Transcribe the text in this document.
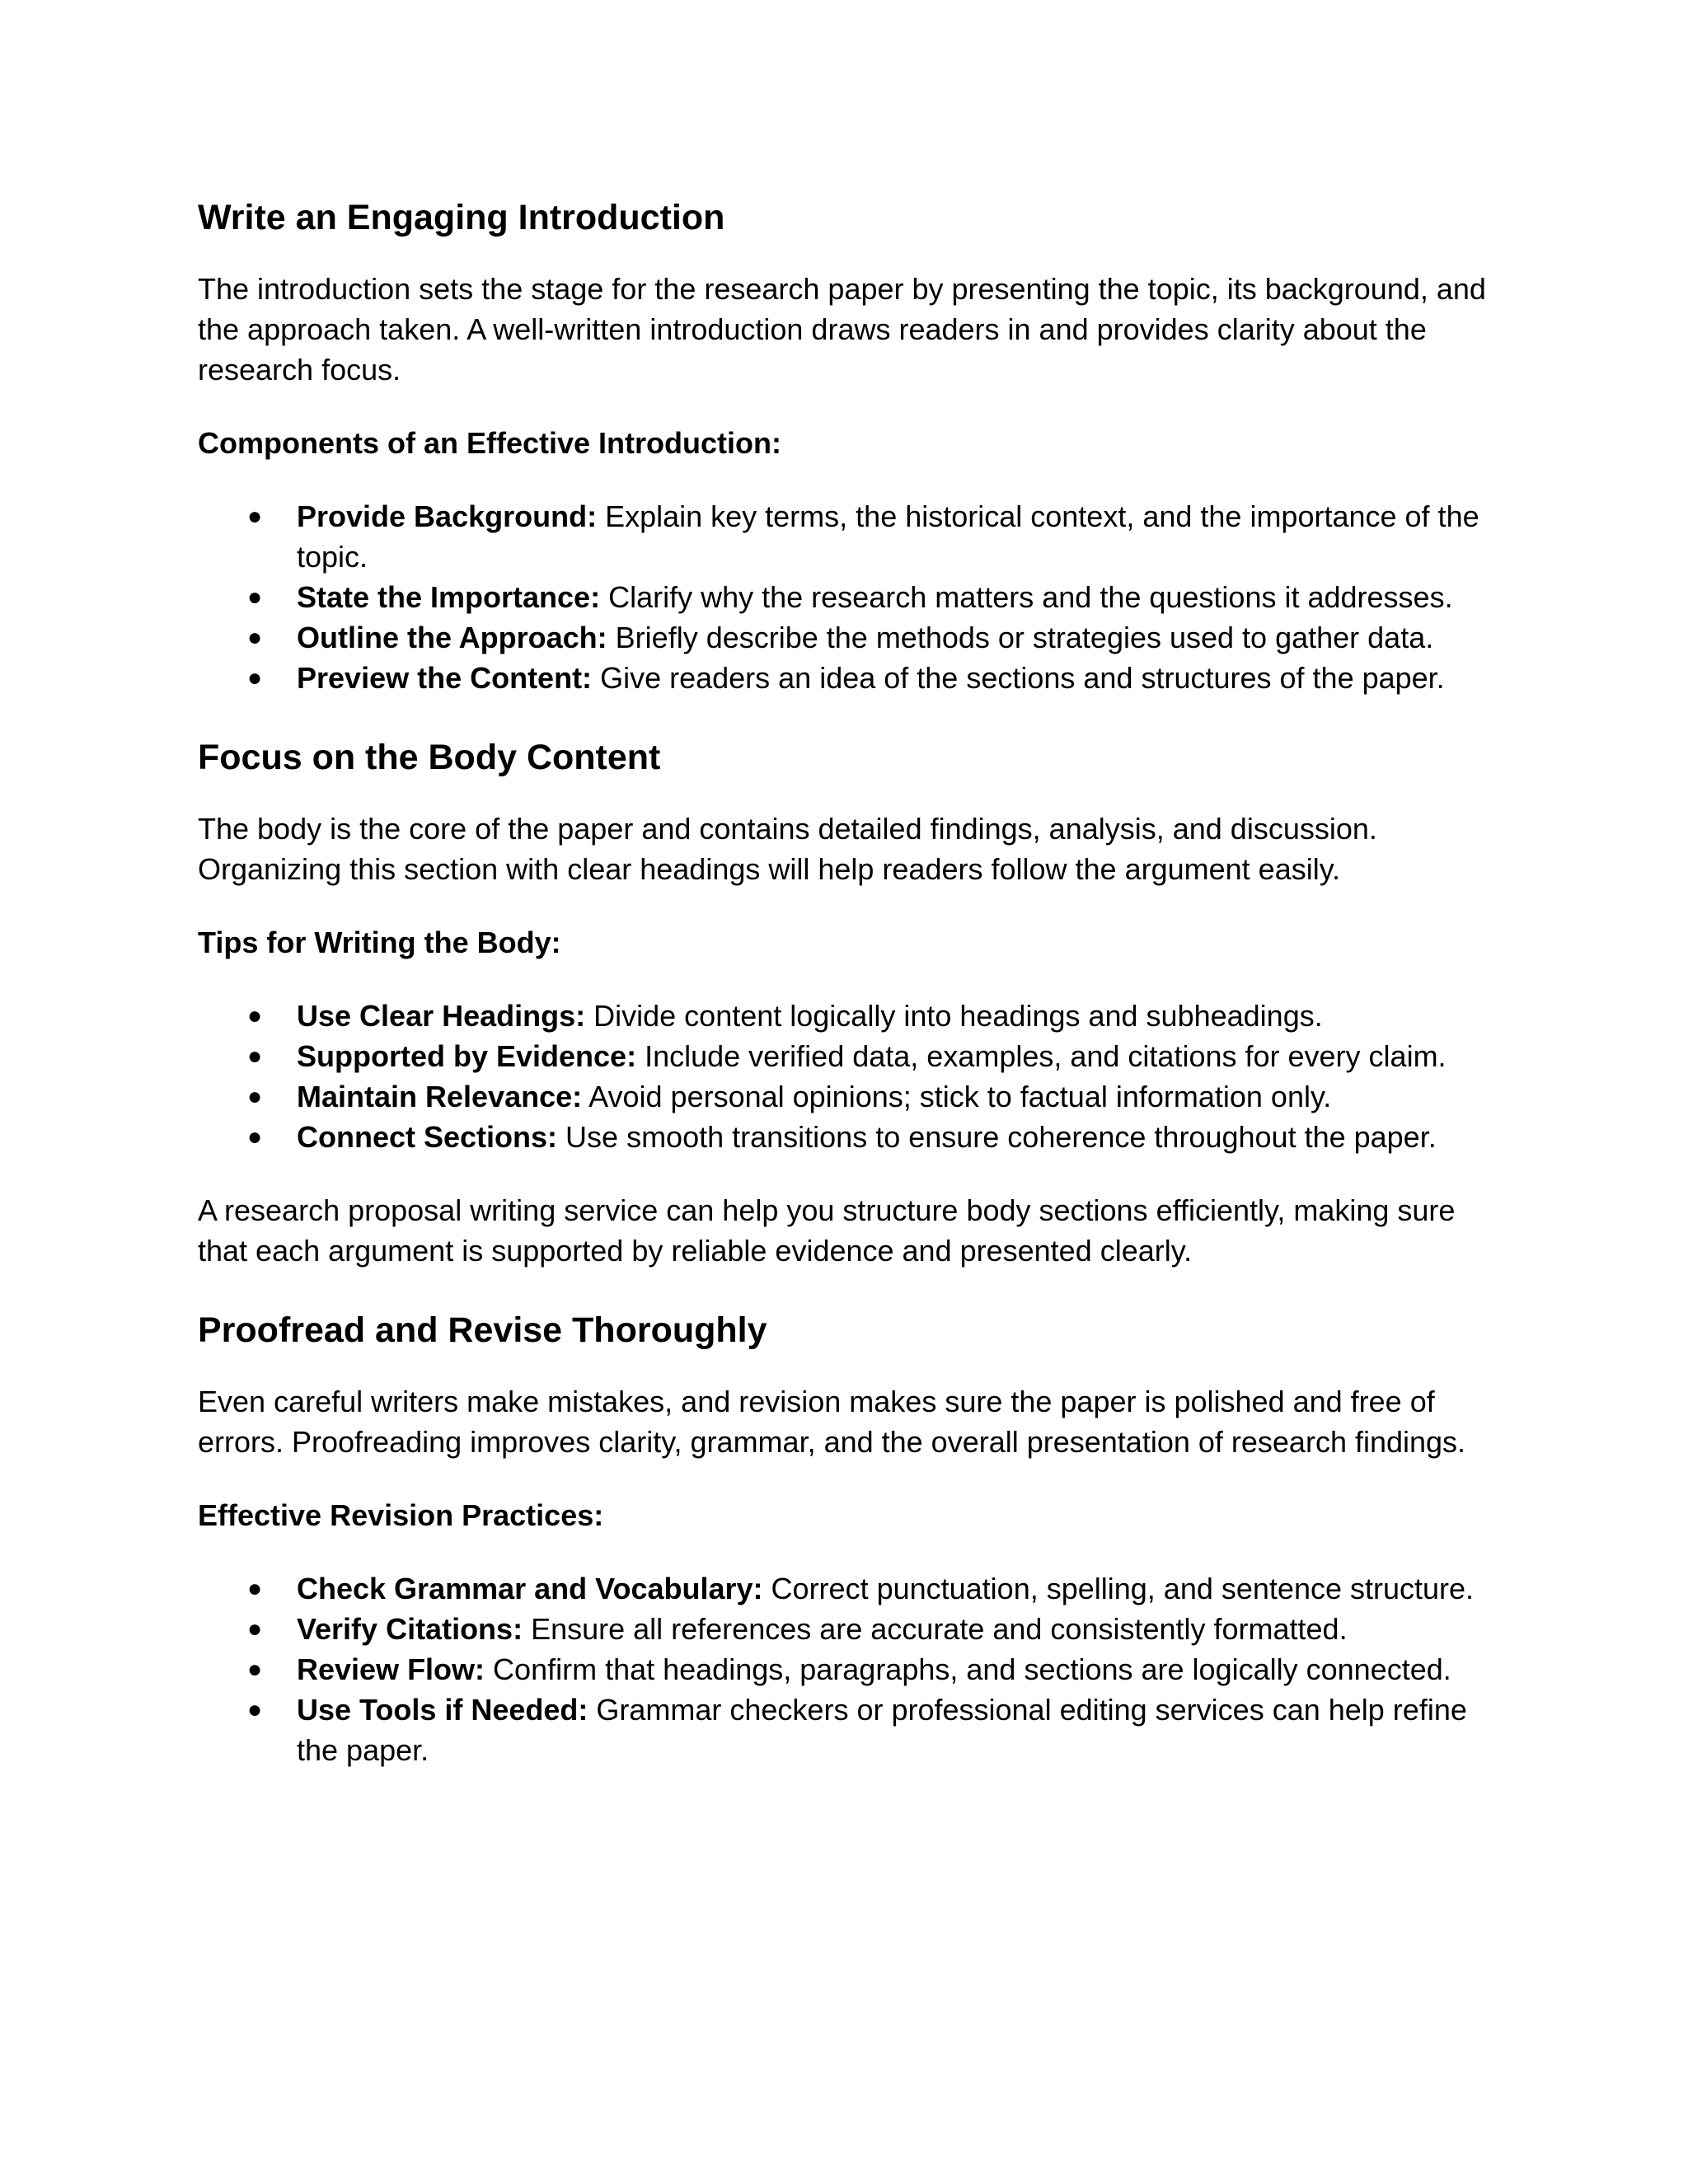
Write an Engaging Introduction

The introduction sets the stage for the research paper by presenting the topic, its background, and the approach taken. A well-written introduction draws readers in and provides clarity about the research focus.

Components of an Effective Introduction:

● Provide Background: Explain key terms, the historical context, and the importance of the topic.
● State the Importance: Clarify why the research matters and the questions it addresses.
● Outline the Approach: Briefly describe the methods or strategies used to gather data.
● Preview the Content: Give readers an idea of the sections and structures of the paper.
Focus on the Body Content

The body is the core of the paper and contains detailed findings, analysis, and discussion. Organizing this section with clear headings will help readers follow the argument easily.

Tips for Writing the Body:

● Use Clear Headings: Divide content logically into headings and subheadings.
● Supported by Evidence: Include verified data, examples, and citations for every claim.
● Maintain Relevance: Avoid personal opinions; stick to factual information only.
● Connect Sections: Use smooth transitions to ensure coherence throughout the paper.

A research proposal writing service can help you structure body sections efficiently, making sure that each argument is supported by reliable evidence and presented clearly.

Proofread and Revise Thoroughly

Even careful writers make mistakes, and revision makes sure the paper is polished and free of errors. Proofreading improves clarity, grammar, and the overall presentation of research findings.

Effective Revision Practices:

● Check Grammar and Vocabulary: Correct punctuation, spelling, and sentence structure.
● Verify Citations: Ensure all references are accurate and consistently formatted.
● Review Flow: Confirm that headings, paragraphs, and sections are logically connected.
● Use Tools if Needed: Grammar checkers or professional editing services can help refine the paper.
